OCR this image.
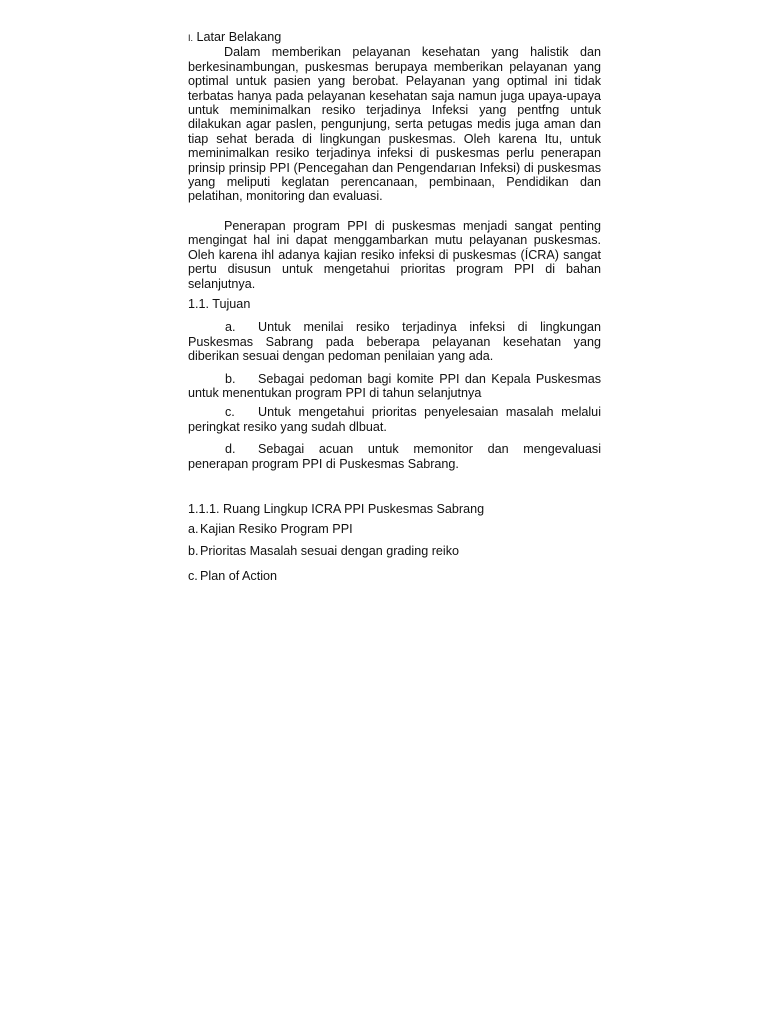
I. Latar Belakang

Dalam memberikan pelayanan kesehatan yang halistik dan berkesinambungan, puskesmas berupaya memberikan pelayanan yang optimal untuk pasien yang berobat. Pelayanan yang optimal ini tidak terbatas hanya pada pelayanan kesehatan saja namun juga upaya-upaya untuk meminimalkan resiko terjadinya Infeksi yang pentfng untuk dilakukan agar paslen, pengunjung, serta petugas medis juga aman dan tiap sehat berada di lingkungan puskesmas. Oleh karena Itu, untuk meminimalkan resiko terjadinya infeksi di puskesmas perlu penerapan prinsip prinsip PPI (Pencegahan dan Pengendarıan Infeksi) di puskesmas yang meliputi keglatan perencanaan, pembinaan, Pendidikan dan pelatihan, monitoring dan evaluasi.

Penerapan program PPI di puskesmas menjadi sangat penting mengingat hal ini dapat menggambarkan mutu pelayanan puskesmas. Oleh karena ihl adanya kajian resiko infeksi di puskesmas (ÍCRA) sangat pertu disusun untuk mengetahui prioritas program PPI di bahan selanjutnya.

1.1. Tujuan

a. Untuk menilai resiko terjadinya infeksi di lingkungan Puskesmas Sabrang pada beberapa pelayanan kesehatan yang diberikan sesuai dengan pedoman penilaian yang ada.

b. Sebagai pedoman bagi komite PPI dan Kepala Puskesmas untuk menentukan program PPI di tahun selanjutnya

c. Untuk mengetahui prioritas penyelesaian masalah melalui peringkat resiko yang sudah dlbuat.

d. Sebagai acuan untuk memonitor dan mengevaluasi penerapan program PPI di Puskesmas Sabrang.

1.1.1. Ruang Lingkup ICRA PPI Puskesmas Sabrang

a.Kajian Resiko Program PPI

b.Prioritas Masalah sesuai dengan grading reiko

c. Plan of Action
